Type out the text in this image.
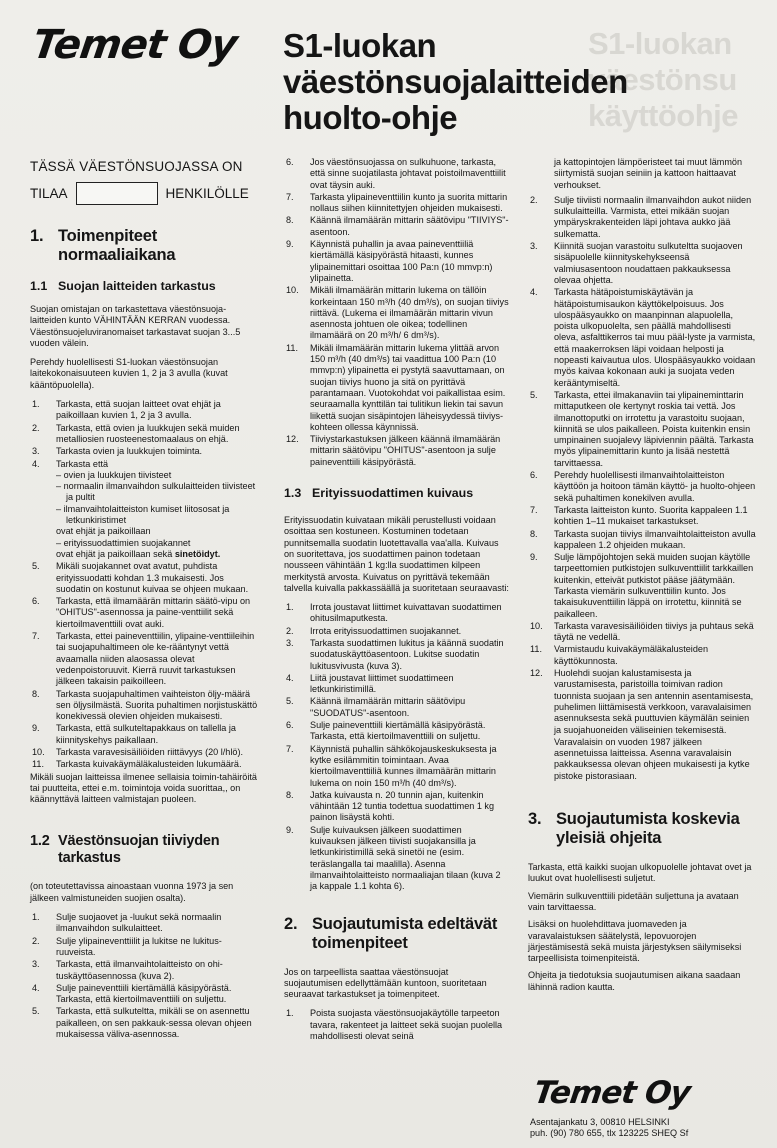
S1-luokan
väestönsu
käyttöohje
Temet Oy S1-luokan
väestönsuojalaitteiden
huolto-ohje
TÄSSÄ VÄESTÖNSUOJASSA ON
TILAA	HENKILÖLLE
1. Toimenpiteet
normaaliaikana
1.1 Suojan laitteiden tarkastus

Suojan omistajan on tarkastettava väestönsuoja-laitteiden kunto VÄHINTÄÄN KERRAN vuodessa. Väestönsuojeluviranomaiset tarkastavat suojan 3...5 vuoden välein.

Perehdy huolellisesti S1-luokan väestönsuojan laitekokonaisuuteen kuvien 1, 2 ja 3 avulla (kuvat kääntöpuolella).

1.	Tarkasta, että suojan laitteet ovat ehjät ja paikoillaan kuvien 1, 2 ja 3 avulla.
2.	Tarkasta, että ovien ja luukkujen sekä muiden metalliosien ruosteenestomaalaus on ehjä.
3.	Tarkasta ovien ja luukkujen toiminta.
4.	Tarkasta että
– ovien ja luukkujen tiivisteet
– normaalin ilmanvaihdon sulkulaitteiden tiivisteet ja pultit
– ilmanvaihtolaitteiston kumiset liitososat ja letkunkiristimet
ovat ehjät ja paikoillaan
– erityissuodattimien suojakannet
ovat ehjät ja paikoillaan sekä sinetöidyt.
5.	Mikäli suojakannet ovat avatut, puhdista erityissuodatti kohdan 1.3 mukaisesti. Jos suodatin on kostunut kuivaa se ohjeen mukaan.
6.	Tarkasta, että ilmamäärän mittarin säätö-vipu on "OHITUS"-asennossa ja paine-venttiilit sekä kiertoilmaventtiili ovat auki.
7.	Tarkasta, ettei paineventtiilin, ylipaine-venttiileihin tai suojapuhaltimeen ole ke-rääntynyt vettä avaamalla niiden alaosassa olevat vedenpoistoruuvit. Kierrä ruuvit tarkastuksen jälkeen takaisin paikoilleen.
8.	Tarkasta suojapuhaltimen vaihteiston öljy-määrä sen öljysilmästä. Suorita puhaltimen norjistuskättö konekivessä olevien ohjeiden mukaisesti.
9.	Tarkasta, että sulkuteltapakkaus on tallella ja kiinnityskehys paikallaan.
10.	Tarkasta varavesisäiliöiden riittävyys (20 l/hlö).
11.	Tarkasta kuivakäymäläkalusteiden lukumäärä.

Mikäli suojan laitteissa ilmenee sellaisia toimin-tahäiröitä tai puutteita, ettei e.m. toimintoja voida suorittaa,, on käännyttävä laitteen valmistajan puoleen.

1.2 Väestönsuojan tiiviyden
tarkastus

(on toteutettavissa ainoastaan vuonna 1973 ja sen jälkeen valmistuneiden suojien osalta).

1.	Sulje suojaovet ja -luukut sekä normaalin ilmanvaihdon sulkulaitteet.
2.	Sulje ylipaineventtiilit ja lukitse ne lukitus-ruuveista.
3.	Tarkasta, että ilmanvaihtolaitteisto on ohi-tuskäyttöasennossa (kuva 2).
4.	Sulje paineventtiili kiertämällä käsipyörästä. Tarkasta, että kiertoilmaventtiili on suljettu.
5.	Tarkasta, että sulkuteltta, mikäli se on asennettu paikalleen, on sen pakkauk-sessa olevan ohjeen mukaisessa väliva-asennossa.
6.	Jos väestönsuojassa on sulkuhuone, tarkasta, että sinne suojatilasta johtavat poistoilmaventtiilit ovat täysin auki.
7.	Tarkasta ylipaineventtiilin kunto ja suorita mittarin nollaus siihen kiinnitettyjen ohjeiden mukaisesti.
8.	Käännä ilmamäärän mittarin säätövipu "TIIVIYS"-asentoon.
9.	Käynnistä puhallin ja avaa paineventtiiliä kiertämällä käsipyörästä hitaasti, kunnes ylipainemittari osoittaa 100 Pa:n (10 mmvp:n) ylipainetta.
10.	Mikäli ilmamäärän mittarin lukema on tällöin korkeintaan 150 m³/h (40 dm³/s), on suojan tiiviys riittävä. (Lukema ei ilmamäärän mittarin vivun asennosta johtuen ole oikea; todellinen ilmamäärä on 20 m³/h/ 6 dm³/s).
11.	Mikäli ilmamäärän mittarin lukema ylittää arvon 150 m³/h (40 dm³/s) tai vaadittua 100 Pa:n (10 mmvp:n) ylipainetta ei pystytä saavuttamaan, on suojan tiiviys huono ja sitä on pyrittävä parantamaan. Vuotokohdat voi paikallistaa esim. seuraamalla kynttilän tai tulitikun liekin tai savun liikettä suojan sisäpintojen läheisyydessä tiiviys-kohteen ollessa käynnissä.
12.	Tiiviystarkastuksen jälkeen käännä ilmamäärän mittarin säätövipu "OHITUS"-asentoon ja sulje paineventtiili käsipyörästä.
1.3 Erityissuodattimen kuivaus

Erityissuodatin kuivataan mikäli perustellusti voidaan osoittaa sen kostuneen. Kostuminen todetaan punnitsemalla suodatin luotettavalla vaa'alla. Kuivaus on suoritettava, jos suodattimen painon todetaan nousseen vähintään 1 kg:lla suodattimen kilpeen merkitystä arvosta. Kuivatus on pyrittävä tekemään talvella kuivalla pakkassäällä ja suoritetaan seuraavasti:

1.	Irrota joustavat liittimet kuivattavan suodattimen ohitusilmaputkesta.
2.	Irrota erityissuodattimen suojakannet.
3.	Tarkasta suodattimen lukitus ja käännä suodatin suodatuskäyttöasentoon. Lukitse suodatin lukitusvivusta (kuva 3).
4.	Liitä joustavat liittimet suodattimeen letkunkiristimillä.
5.	Käännä ilmamäärän mittarin säätövipu "SUODATUS"-asentoon.
6.	Sulje paineventtiili kiertämällä käsipyörästä. Tarkasta, että kiertoilmaventtiili on suljettu.
7.	Käynnistä puhallin sähkökojauskeskuksesta ja kytke esilämmitin toimintaan. Avaa kiertoilmaventtiiliä kunnes ilmamäärän mittarin lukema on noin 150 m³/h (40 dm³/s).
8.	Jatka kuivausta n. 20 tunnin ajan, kuitenkin vähintään 12 tuntia todettua suodattimen 1 kg painon lisäystä kohti.
9.	Sulje kuivauksen jälkeen suodattimen kuivauksen jälkeen tiivisti suojakansilla ja letkunkiristimillä sekä sinetöi ne (esim. teräslangalla tai maalilla). Asenna ilmanvaihtolaitteisto normaaliajan tilaan (kuva 2 ja kappale 1.1 kohta 6).
2. Suojautumista edeltävät
toimenpiteet

Jos on tarpeellista saattaa väestönsuojat suojautumisen edellyttämään kuntoon, suoritetaan seuraavat tarkastukset ja toimenpiteet.

1.	Poista suojasta väestönsuojakäytölle tarpeeton tavara, rakenteet ja laitteet sekä suojan puolella mahdollisesti olevat seinä

ja kattopintojen lämpöeristeet tai muut lämmön siirtymistä suojan seiniin ja kattoon haittaavat verhoukset.

2.	Sulje tiiviisti normaalin ilmanvaihdon aukot niiden sulkulaitteilla. Varmista, ettei mikään suojan ympäryskrakenteiden läpi johtava aukko jää sulkematta.
3.	Kiinnitä suojan varastoitu sulkuteltta suojaoven sisäpuolelle kiinnityskehykseensä valmiusasentoon noudattaen pakkauksessa olevaa ohjetta.
4.	Tarkasta hätäpoistumiskäytävän ja hätäpoistumisaukon käyttökelpoisuus. Jos ulospääsyaukko on maanpinnan alapuolella, poista ulkopuolelta, sen päällä mahdollisesti oleva, asfalttikerros tai muu pääl-lyste ja varmista, että maakerroksen läpi voidaan helposti ja nopeasti kaivautua ulos. Ulospääsyaukko voidaan myös kaivaa kokonaan auki ja suojata veden kerääntymiseltä.
5.	Tarkasta, ettei ilmakanaviin tai ylipaineminttarin mittaputkeen ole kertynyt roskia tai vettä. Jos ilmanottoputki on irrotettu ja varastoitu suojaan, kiinnitä se ulos paikalleen. Poista kuitenkin ensin umpinainen suojalevy läpiviennin päältä. Tarkasta myös ylipainemittarin kunto ja lisää nestettä tarvittaessa.
6.	Perehdy huolellisesti ilmanvaihtolaitteiston käyttöön ja hoitoon tämän käyttö- ja huolto-ohjeen sekä puhaltimen konekilven avulla.
7.	Tarkasta laitteiston kunto. Suorita kappaleen 1.1 kohtien 1–11 mukaiset tarkastukset.
8.	Tarkasta suojan tiiviys ilmanvaihtolaitteiston avulla kappaleen 1.2 ohjeiden mukaan.
9.	Sulje lämpöjohtojen sekä muiden suojan käytölle tarpeettomien putkistojen sulkuventtiilit tarkkaillen kuitenkin, etteivät putkistot pääse jäätymään. Tarkasta viemärin sulkuventtiilin kunto. Jos takaisukuventtiilin läppä on irrotettu, kiinnitä se paikalleen.
10.	Tarkasta varavesisäiliöiden tiiviys ja puhtaus sekä täytä ne vedellä.
11.	Varmistaudu kuivakäymäläkalusteiden käyttökunnosta.
12.	Huolehdi suojan kalustamisesta ja varustamisesta, paristoilla toimivan radion tuonnista suojaan ja sen antennin asentamisesta, puhelimen liittämisestä verkkoon, varavalaisimen asennuksesta sekä puuttuvien käymälän seinien ja suojahuoneiden väliseinien tekemisestä.
Varavalaisin on vuoden 1987 jälkeen asennetuissa laitteissa. Asenna varavalaisin pakkauksessa olevan ohjeen mukaisesti ja kytke pistoke pistorasiaan.
3. Suojautumista koskevia
yleisiä ohjeita

Tarkasta, että kaikki suojan ulkopuolelle johtavat ovet ja luukut ovat huolellisesti suljetut.

Viemärin sulkuventtiili pidetään suljettuna ja avataan vain tarvittaessa.

Lisäksi on huolehdittava juomaveden ja varavalaistuksen säätelystä, lepovuorojen järjestämisestä sekä muista järjestyksen säilymiseksi tarpeellisista toimenpiteistä.

Ohjeita ja tiedotuksia suojautumisen aikana saadaan lähinnä radion kautta.

Temet Oy
Asentajankatu 3, 00810 HELSINKI
puh. (90) 780 655, tlx 123225 SHEQ Sf
